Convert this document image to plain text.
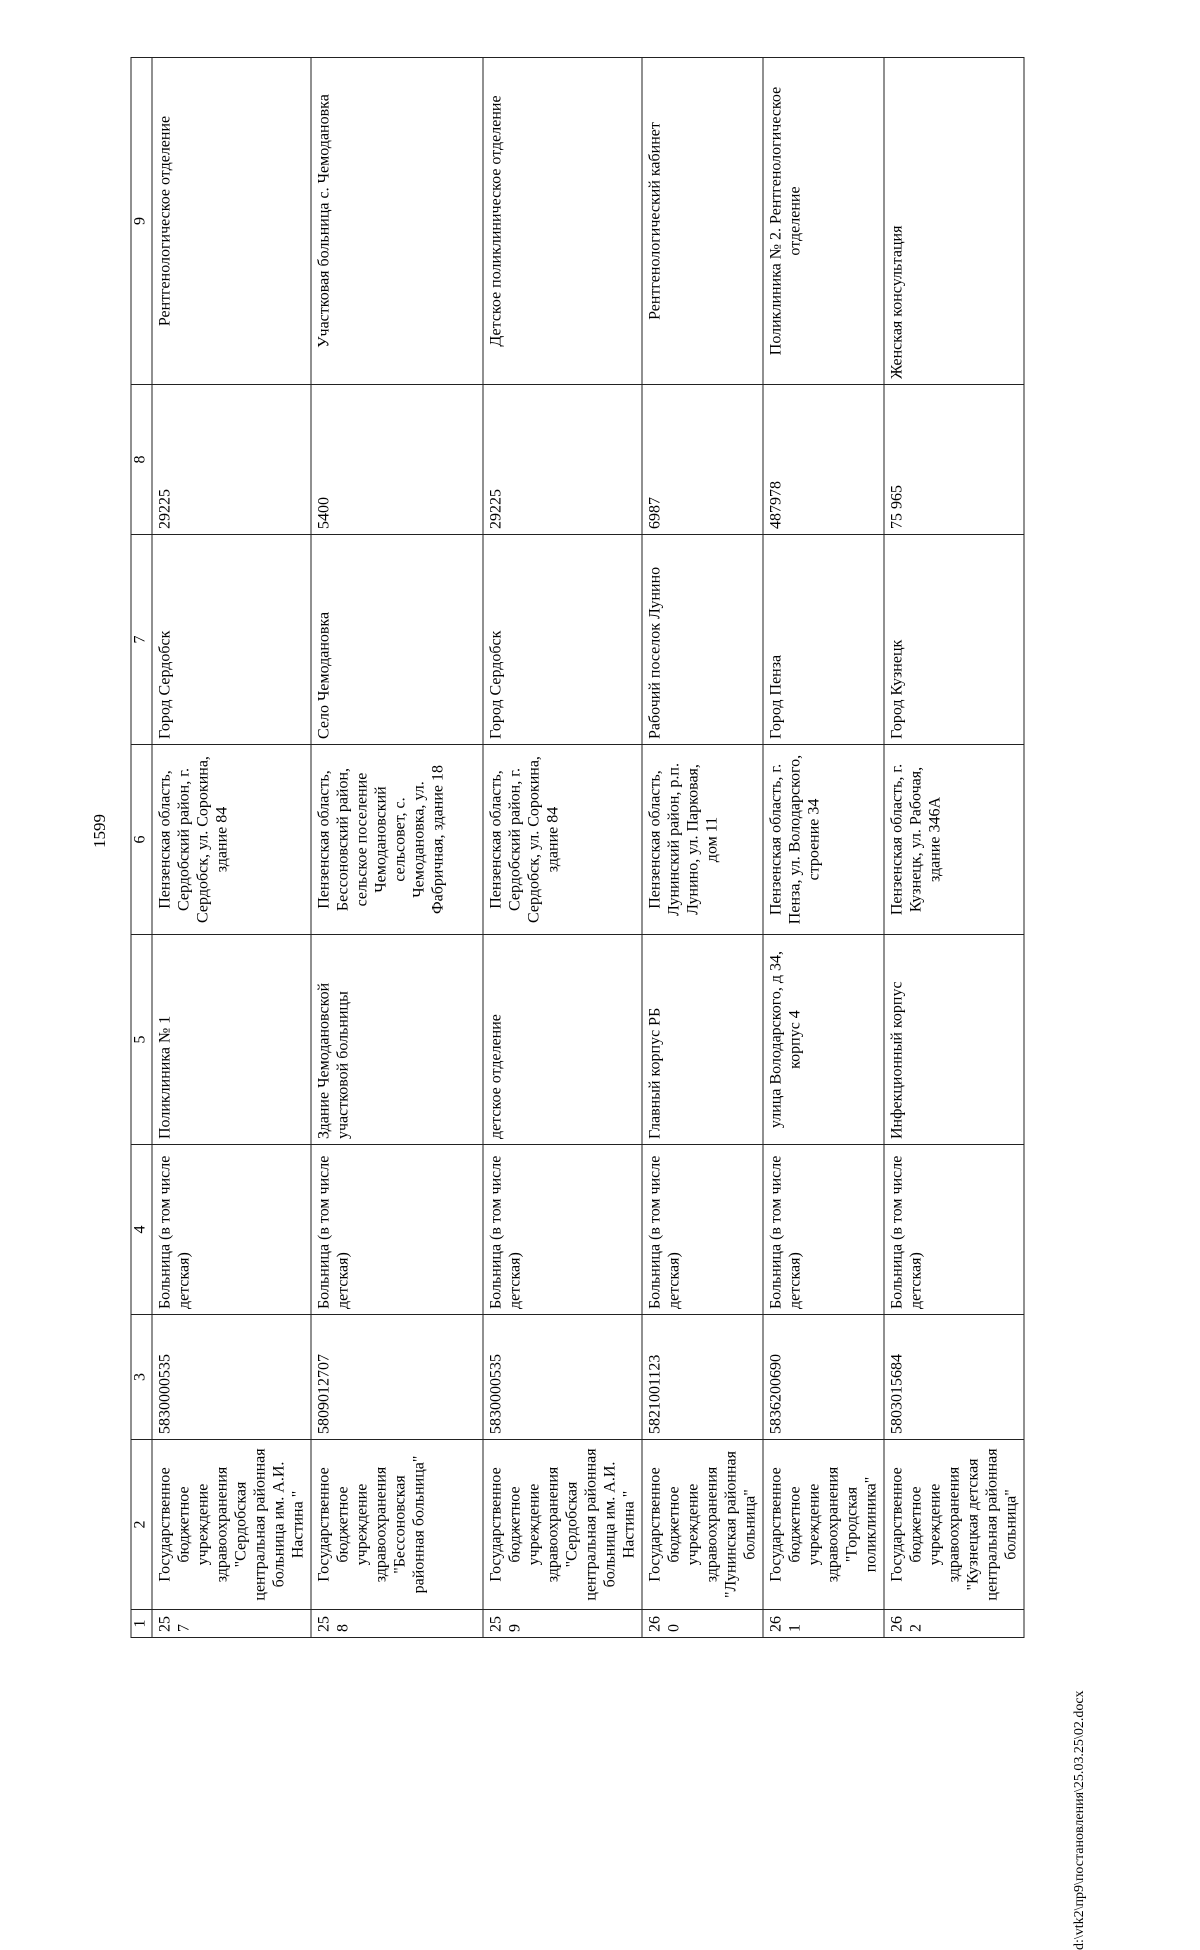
1599
1	2	3	4	5	6	7	8	9
257	Государственное бюджетное учреждение здравоохранения "Сердобская центральная районная больница им. А.И. Настина "	5830000535	Больница (в том числе детская)	Поликлиника № 1	Пензенская область, Сердобский район, г. Сердобск, ул. Сорокина, здание 84	Город Сердобск	29225	Рентгенологическое отделение
258	Государственное бюджетное учреждение здравоохранения "Бессоновская районная больница"	5809012707	Больница (в том числе детская)	Здание Чемодановской участковой больницы	Пензенская область, Бессоновский район, сельское поселение Чемодановский сельсовет, с. Чемодановка, ул. Фабричная, здание 18	Село Чемодановка	5400	Участковая больница с. Чемодановка
259	Государственное бюджетное учреждение здравоохранения "Сердобская центральная районная больница им. А.И. Настина "	5830000535	Больница (в том числе детская)	детское отделение	Пензенская область, Сердобский район, г. Сердобск, ул. Сорокина, здание 84	Город Сердобск	29225	Детское поликлиническое отделение
260	Государственное бюджетное учреждение здравоохранения "Лунинская районная больница"	5821001123	Больница (в том числе детская)	Главный корпус РБ	Пензенская область, Лунинский район, р.п. Лунино, ул. Парковая, дом 11	Рабочий поселок Лунино	6987	Рентгенологический кабинет
261	Государственное бюджетное учреждение здравоохранения "Городская поликлиника"	5836200690	Больница (в том числе детская)	улица Володарского, д 34, корпус 4	Пензенская область, г. Пенза, ул. Володарского, строение 34	Город Пенза	487978	Поликлиника № 2. Рентгенологическое отделение
262	Государственное бюджетное учреждение здравоохранения "Кузнецкая детская центральная районная больница"	5803015684	Больница (в том числе детская)	Инфекционный корпус	Пензенская область, г. Кузнецк, ул. Рабочая, здание 346А	Город Кузнецк	75 965	Женская консультация
d:\vtk2\пр9\постановления\25.03.25\02.docx
